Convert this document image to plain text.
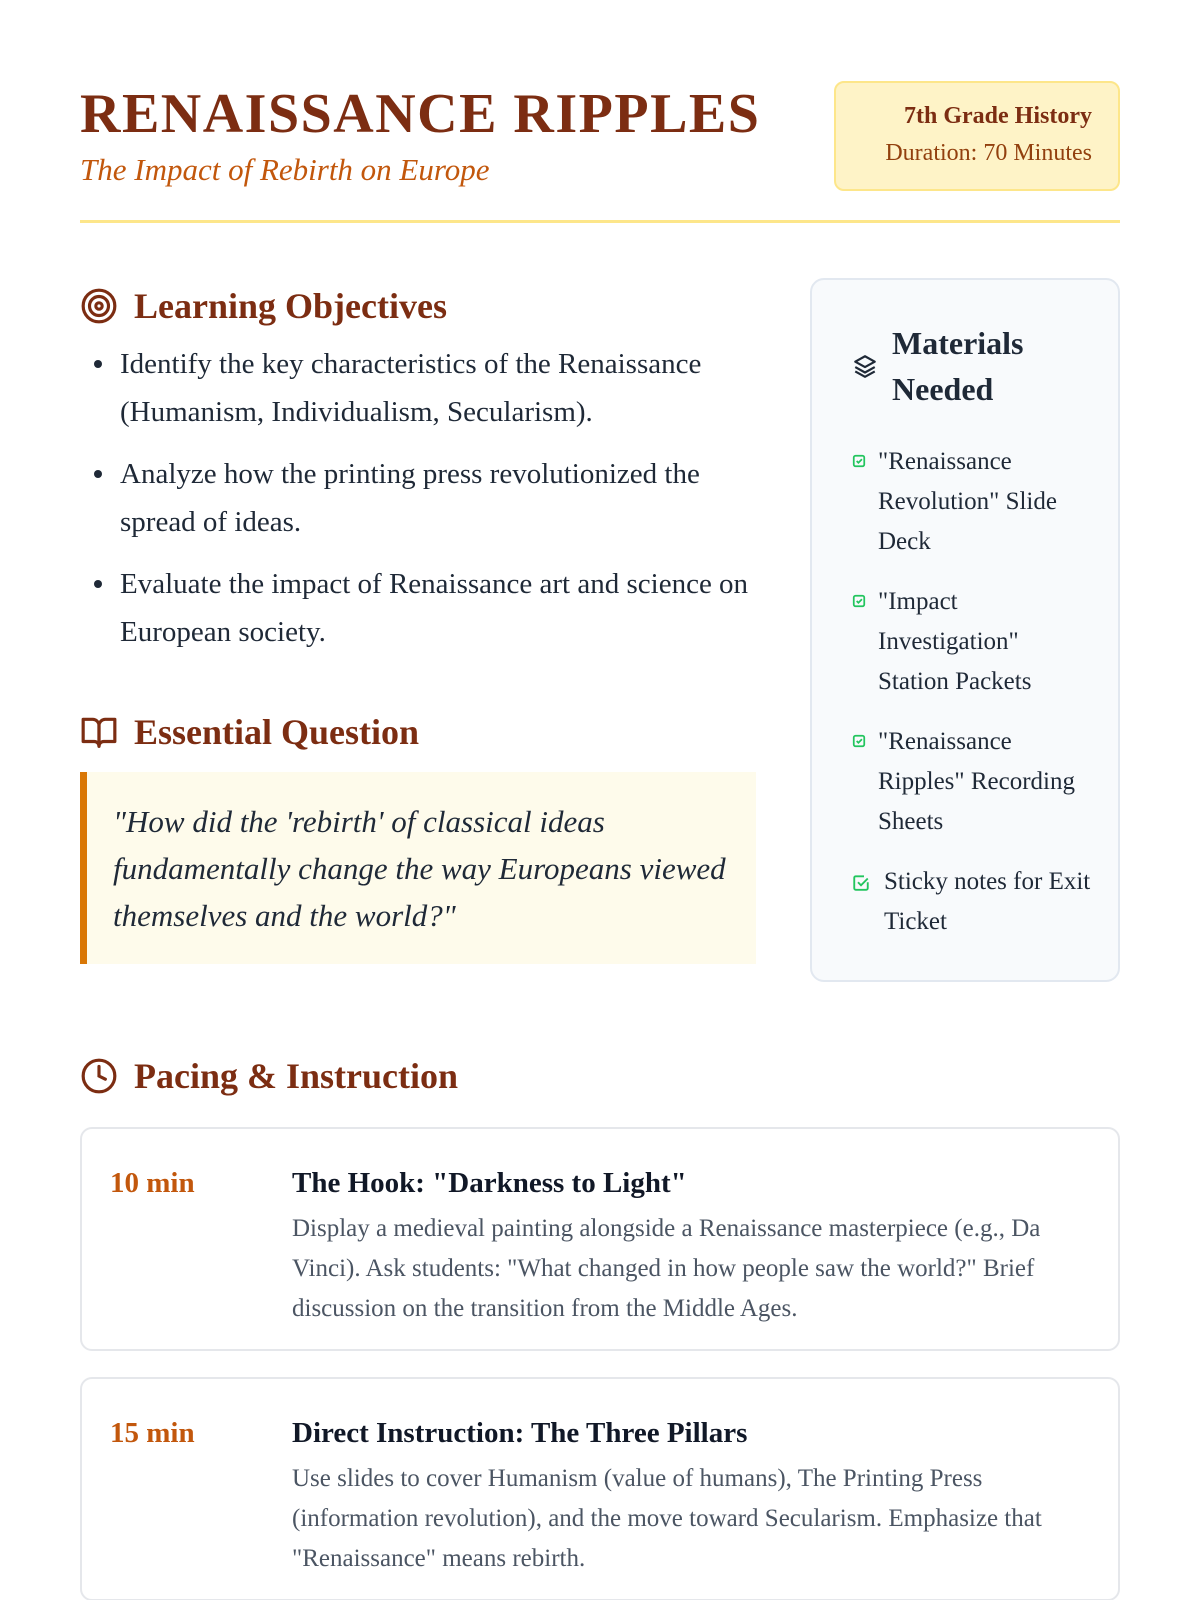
RENAISSANCE RIPPLES
The Impact of Rebirth on Europe
7th Grade History
Duration: 70 Minutes
Learning Objectives
Identify the key characteristics of the Renaissance (Humanism, Individualism, Secularism).
Analyze how the printing press revolutionized the spread of ideas.
Evaluate the impact of Renaissance art and science on European society.
Essential Question
"How did the 'rebirth' of classical ideas fundamentally change the way Europeans viewed themselves and the world?"
Materials Needed
"Renaissance Revolution" Slide Deck
"Impact Investigation" Station Packets
"Renaissance Ripples" Recording Sheets
Sticky notes for Exit Ticket
Pacing & Instruction
10 min	The Hook: "Darkness to Light"
Display a medieval painting alongside a Renaissance masterpiece (e.g., Da Vinci). Ask students: "What changed in how people saw the world?" Brief discussion on the transition from the Middle Ages.
15 min	Direct Instruction: The Three Pillars
Use slides to cover Humanism (value of humans), The Printing Press (information revolution), and the move toward Secularism. Emphasize that "Renaissance" means rebirth.
